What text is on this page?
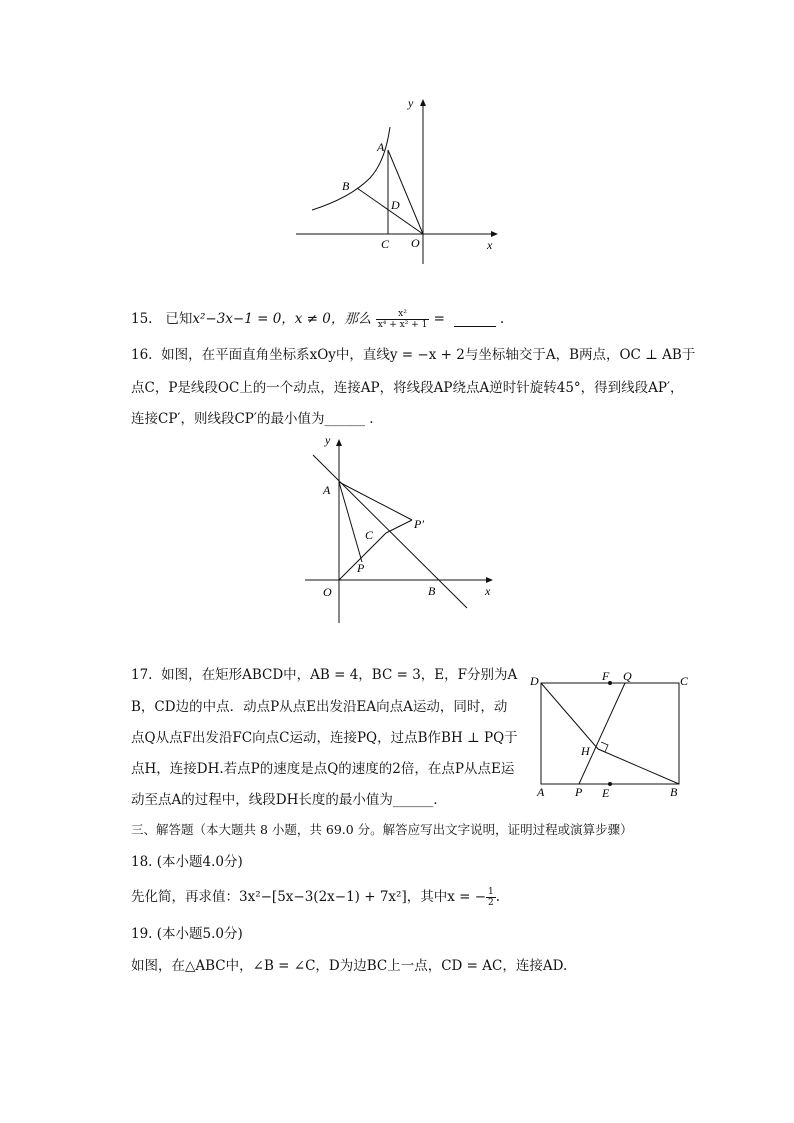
y
x
A
B
D
C O
15. 已知x²−3x−1 = 0，x ≠ 0，那么 $\frac{\text{x²}}{\text{x⁴ + x² + 1}}$ =	.
16. 如图，在平面直角坐标系xOy中，直线y = −x + 2与坐标轴交于A，B两点，OC ⊥ AB于
点C，P是线段OC上的一个动点，连接AP，将线段AP绕点A逆时针旋转45°，得到线段AP′，
连接CP′，则线段CP′的最小值为______ .
y
x
A
C
P′
P
O	B
17. 如图，在矩形ABCD中，AB = 4，BC = 3，E，F分别为A
B，CD边的中点．动点P从点E出发沿EA向点A运动，同时，动
点Q从点F出发沿FC向点C运动，连接PQ，过点B作BH ⊥ PQ于
点H，连接DH.若点P的速度是点Q的速度的2倍，在点P从点E运
动至点A的过程中，线段DH长度的最小值为______．
D	F Q	C
H
A	P E	B
三、解答题（本大题共 8 小题，共 69.0 分。解答应写出文字说明，证明过程或演算步骤）
18. (本小题4.0分)
先化简，再求值：3x²−[5x−3(2x−1) + 7x²]，其中x = − $\frac{1}{2}$ .
19. (本小题5.0分)
如图，在△ABC中，∠B = ∠C，D为边BC上一点，CD = AC，连接AD.
